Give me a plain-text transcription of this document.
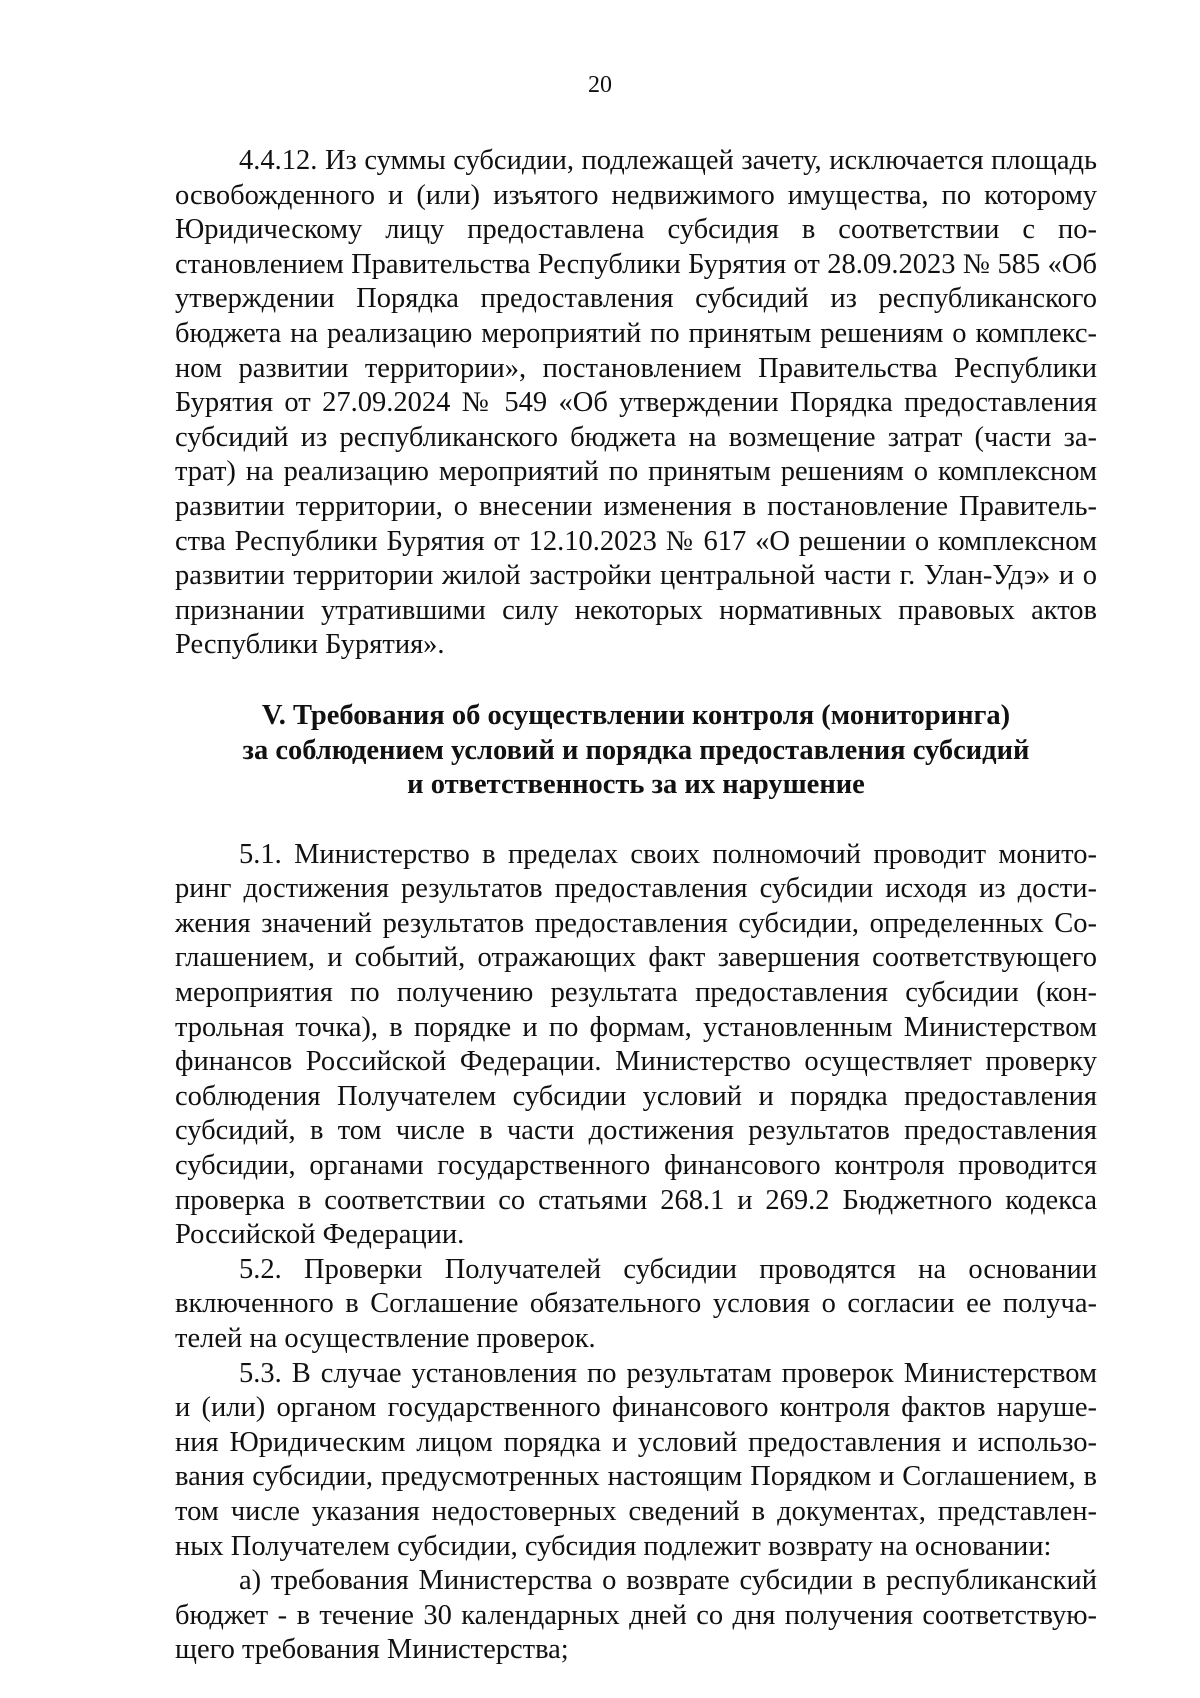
20

4.4.12. Из суммы субсидии, подлежащей зачету, исключается площадь освобожденного и (или) изъятого недвижимого имущества, по которому Юридическому лицу предоставлена субсидия в соответствии с постановлением Правительства Республики Бурятия от 28.09.2023 № 585 «Об утверждении Порядка предоставления субсидий из республиканского бюджета на реализацию мероприятий по принятым решениям о комплексном развитии территории», постановлением Правительства Республики Бурятия от 27.09.2024 № 549 «Об утверждении Порядка предоставления субсидий из республиканского бюджета на возмещение затрат (части затрат) на реализацию мероприятий по принятым решениям о комплексном развитии территории, о внесении изменения в постановление Правительства Республики Бурятия от 12.10.2023 № 617 «О решении о комплексном развитии территории жилой застройки центральной части г. Улан-Удэ» и о признании утратившими силу некоторых нормативных правовых актов Республики Бурятия».

V. Требования об осуществлении контроля (мониторинга)
за соблюдением условий и порядка предоставления субсидий
и ответственность за их нарушение

5.1. Министерство в пределах своих полномочий проводит мониторинг достижения результатов предоставления субсидии исходя из достижения значений результатов предоставления субсидии, определенных Соглашением, и событий, отражающих факт завершения соответствующего мероприятия по получению результата предоставления субсидии (контрольная точка), в порядке и по формам, установленным Министерством финансов Российской Федерации. Министерство осуществляет проверку соблюдения Получателем субсидии условий и порядка предоставления субсидий, в том числе в части достижения результатов предоставления субсидии, органами государственного финансового контроля проводится проверка в соответствии со статьями 268.1 и 269.2 Бюджетного кодекса Российской Федерации.

5.2. Проверки Получателей субсидии проводятся на основании включенного в Соглашение обязательного условия о согласии ее получателей на осуществление проверок.

5.3. В случае установления по результатам проверок Министерством и (или) органом государственного финансового контроля фактов нарушения Юридическим лицом порядка и условий предоставления и использования субсидии, предусмотренных настоящим Порядком и Соглашением, в том числе указания недостоверных сведений в документах, представленных Получателем субсидии, субсидия подлежит возврату на основании:

а) требования Министерства о возврате субсидии в республиканский бюджет - в течение 30 календарных дней со дня получения соответствующего требования Министерства;
